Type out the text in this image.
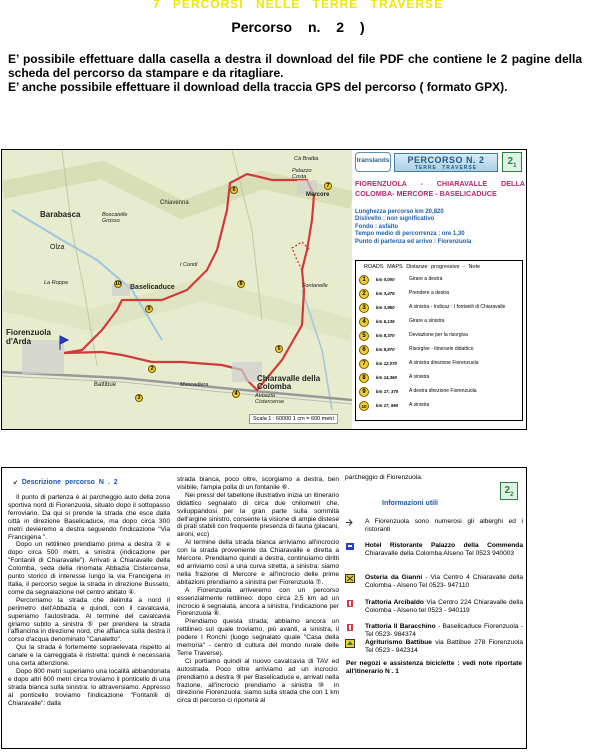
7 PERCORSI NELLE TERRE TRAVERSE
Percorso n. 2 )

E’ possibile effettuare dalla casella a destra il download del file PDF che contiene le 2 pagine della scheda del percorso da stampare e da ritagliare.

E’ anche possibile effettuare il download della traccia GPS del percorso ( formato GPX).

Barabasca	Boscatelle Grosso
Olza
La Roppa
Fiorenzuola d'Arda
Baselicaduce
Chiavenna
I Condi
Palazzo Costa
Mercore
Cà Brattia
Fontanelle
Mascadiera
Battibue
Chiaravalle della Colomba
Abbazia Cistercense
2
3
4
5
6
7
8
9
10
Scala 1 : 60000 1 cm = 600 metri
translands	PERCORSO N. 2
TERRE TRAVERSE
$2_1$
FIORENZUOLA - CHIARAVALLE DELLA COLOMBA- MERCORE - BASELICADUCE
Lunghezza percorso km 20,820
Dislivello : non significativo
Fondo : asfalto
Tempo medio di percorrenza : ore 1,30
Punto di partenza ed arrivo : Fiorenzuola
ROADS MAPS Distanze progressive - Note
1	km 0,000	Girare a destra
2	km 3,475	Prendere a destra
3	km 3,950	A sinistra - Indicaz : I fontanili di Chiaravalle
4	km 6,135	Girare a sinistra
5	km 8,370	Deviazione per la risorgiva
6	km 8,870	Risorgive - itinerario didattico
7	km 12,070 A sinistra direzione Fiorenzuola
8	km 14,360 A sinistra
9	km 17, 370 A destra direzione Fiorenzuola
10	km 17, 950 A sinistra
↙ Descrizione percorso N . 2

Il punto di partenza è al parcheggio auto della zona sportiva nord di Fiorenzuola, situato dopo il sottopasso ferroviario. Da qui si prende la strada che esce dalla città in direzione Baselicaduce, ma dopo circa 300 metri devieremo a destra seguendo l'indicazione "Via Francigena ".

Dopo un rettilineo prendiamo prima a destra ② e dopo circa 500 metri, a sinistra (indicazione per "Fontanili di Chiaravalle"). Arrivati a Chiaravalle della Colomba, seda della rinomata Abbazia Cistercense, punto storico di interesse lungo la via Francigena in Italia, il percorso segue la strada in direzione Busseto, come da segnalazione nel centro abitato ④.

Percorriamo la strada che delimita a nord il perimetro dell'Abbazia e quindi, con il cavalcavia, superiamo l'autostrada. Al termine del cavalcavia giriamo subito a sinistra ⑤ per prendere la strada l'affiancina in direzione nord, che affianca sulla destra il corso d'acqua denominato "Canaletto".

Qui la strada è fortemente sopraelevata rispetto al canale e la carreggiata è ristretta: quindi è necessaria una certa attenzione.

Dopo 800 metri superiamo una località abbandonata e dopo altri 600 metri circa troviamo il ponticello di una strada bianca sulla sinistra: lo attraversiamo. Appresso al ponticello troviamo l'indicazione "Fontanili di Chiaravalle": dalla

strada bianca, poco oltre, scorgiamo a destra, ben visibile, l'ampia polla di un fontanile ⑥.

Nei pressi del tabellone illustrativo inizia un itinerario didattico segnalato di circa due chilometri che, sviluppandosi per la gran parte sulla sommità dell'argine sinistro, consente la visione di ampie distese di prati stabili con frequente presenza di fauna (placani, aironi, ecc)

Al termine della strada bianca arriviamo all'incrocio con la strada proveniente da Chiaravalle e diretta a Mercore. Prendiamo quindi a destra, continuiamo diritti ed arriviamo così a una curva stretta, a sinistra: siamo nella frazione di Mercore e all'incrocio delle prime abitazioni prendiamo a sinistra per Fiorenzuola ⑦.

A Fiorenzuola arriveremo con un percorso essenzialmente rettilineo: dopo circa 2,5 km ad un incrocio è segnalata, ancora a sinistra, l'indicazione per Fiorenzuola ⑧.

Prendiamo questa strada; abbiamo ancora un rettilineo sul quale troviamo, più avanti, a sinistra, il podere I Ronchi (luogo segnalato quale "Casa della memoria" - centro di cultura del mondo rurale delle Terre Traverse).

Ci portiamo quindi al nuovo cavalcavia di TAV ed autostrada. Poco oltre arriviamo ad un incrocio: prendiamo a destra ⑨ per Baselicaduce e, arrivati nella frazione, all'incrocio prendiamo a sinistra ⑩ in direzione Fiorenzuola: siamo sulla strada che con 1 km circa di percorso ci riporterà al

parcheggio di Fiorenzuola.
$2_2$
Informazioni utili
A Fiorenzuola sono numerosi gli alberghi ed i ristoranti
Hotel Ristorante Palazzo della Commenda Chiaravalle della Colomba Alseno Tel 0523 940003
Osteria da Gianni - Via Centro 4 Chiaravalle della Colomba - Alseno Tel 0523- 947110
Trattoria Arcibaldo Via Centro 224 Chiaravalle della Colomba - Alseno tel 0523 - 940119
Trattoria Il Baracchino - Baselicaduce Fiorenzuola - Tel 0523- 984374
Agriturismo Battibue via Battibue 278 Fiorenzuola Tel 0523 - 942314
Per negozi e assistenza biciclette : vedi note riportate all'itinerario N . 1
